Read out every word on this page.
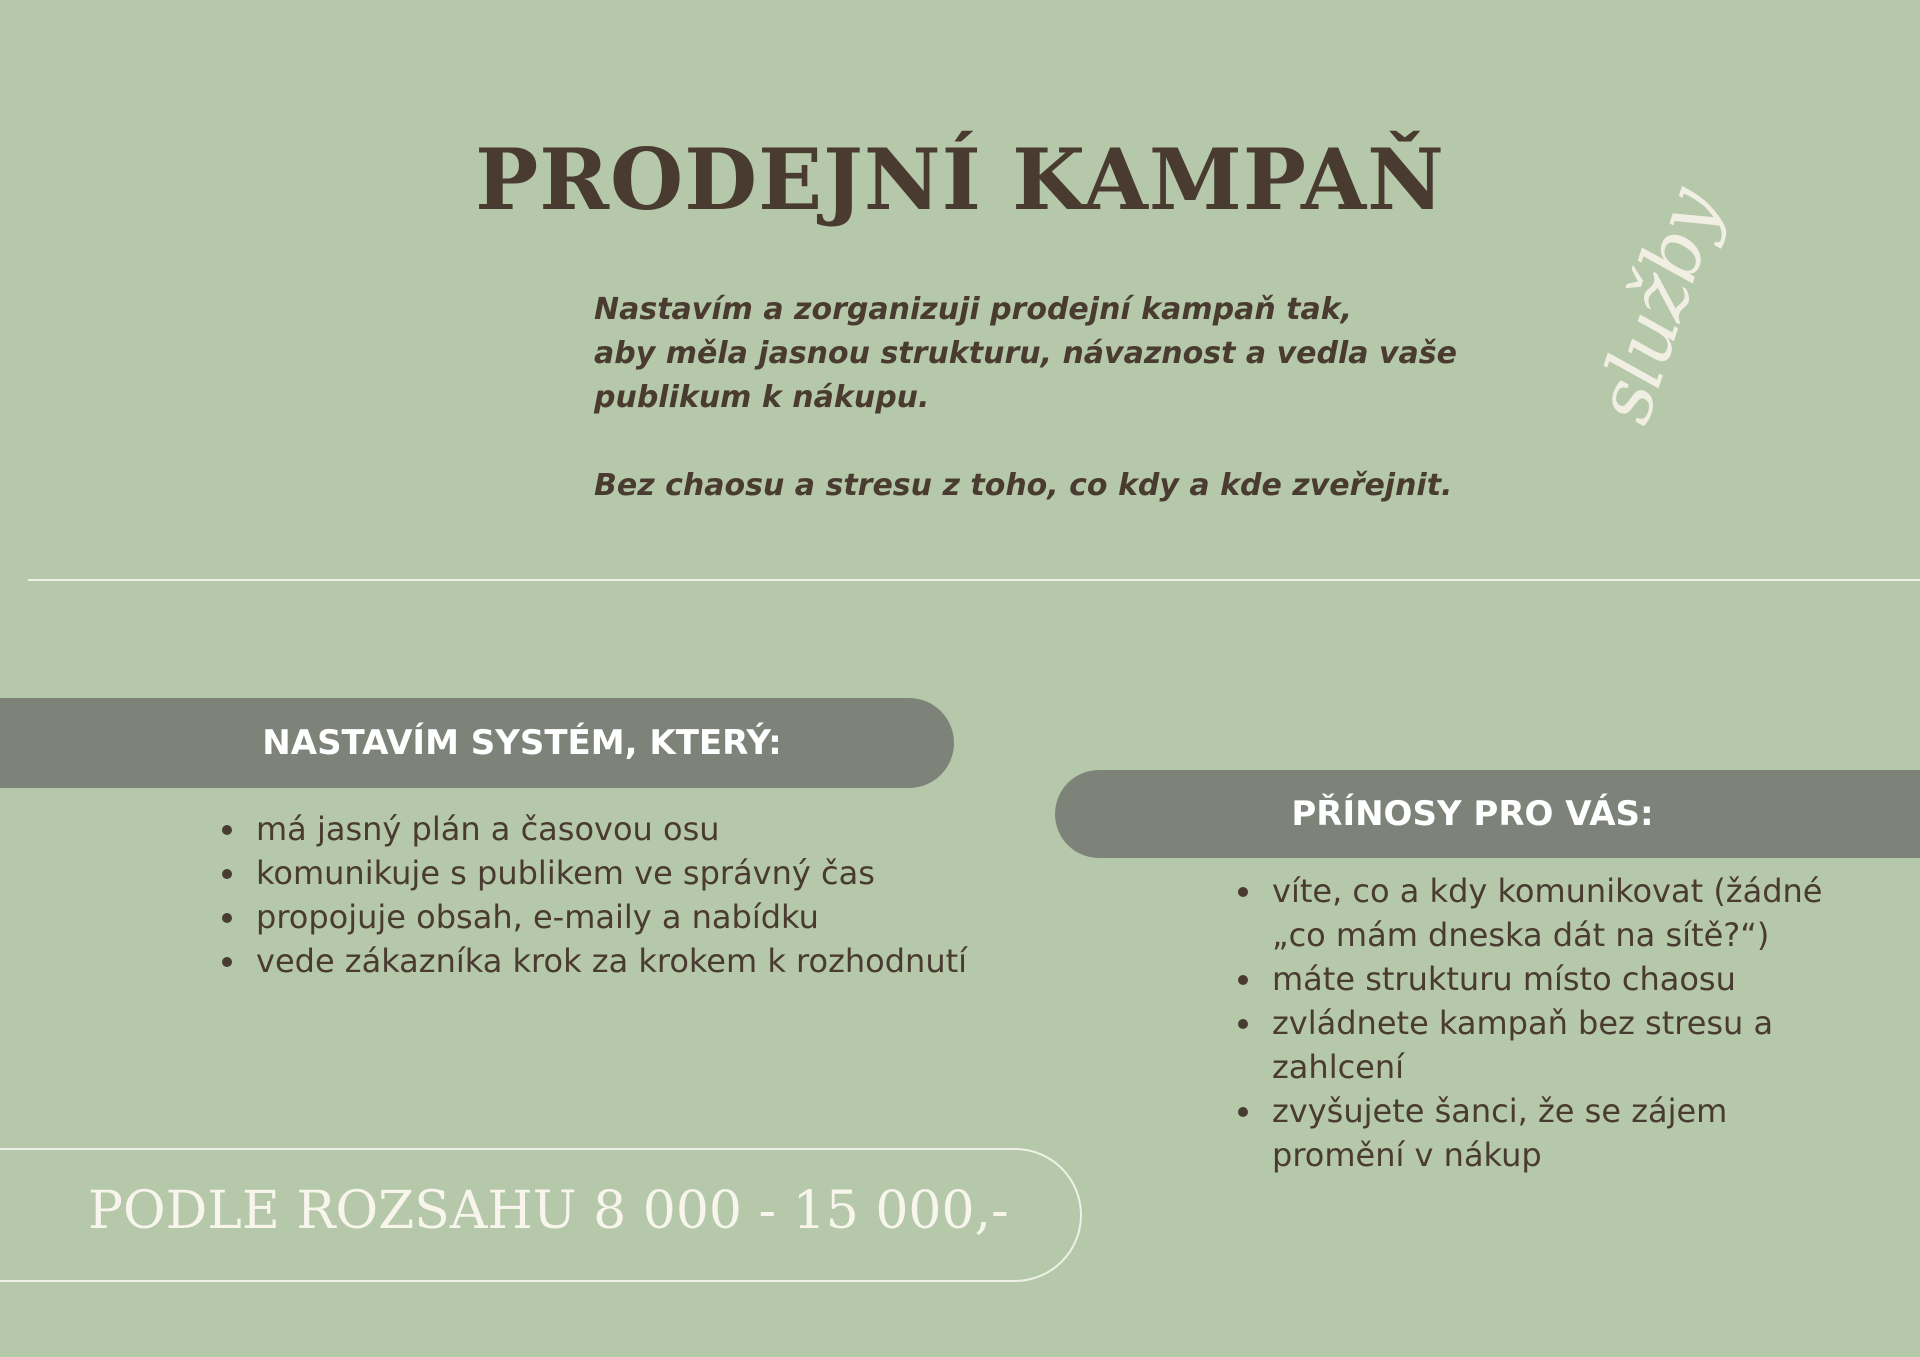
PRODEJNÍ KAMPAŇ

Nastavím a zorganizuji prodejní kampaň tak,

aby měla jasnou strukturu, návaznost a vedla vaše

publikum k nákupu.

Bez chaosu a stresu z toho, co kdy a kde zveřejnit.

služby
NASTAVÍM SYSTÉM, KTERÝ:
má jasný plán a časovou osu
komunikuje s publikem ve správný čas
propojuje obsah, e-maily a nabídku
vede zákazníka krok za krokem k rozhodnutí
PŘÍNOSY PRO VÁS:
víte, co a kdy komunikovat (žádné „co mám dneska dát na sítě?“)
máte strukturu místo chaosu
zvládnete kampaň bez stresu a zahlcení
zvyšujete šanci, že se zájem promění v nákup
PODLE ROZSAHU 8 000 - 15 000,-
